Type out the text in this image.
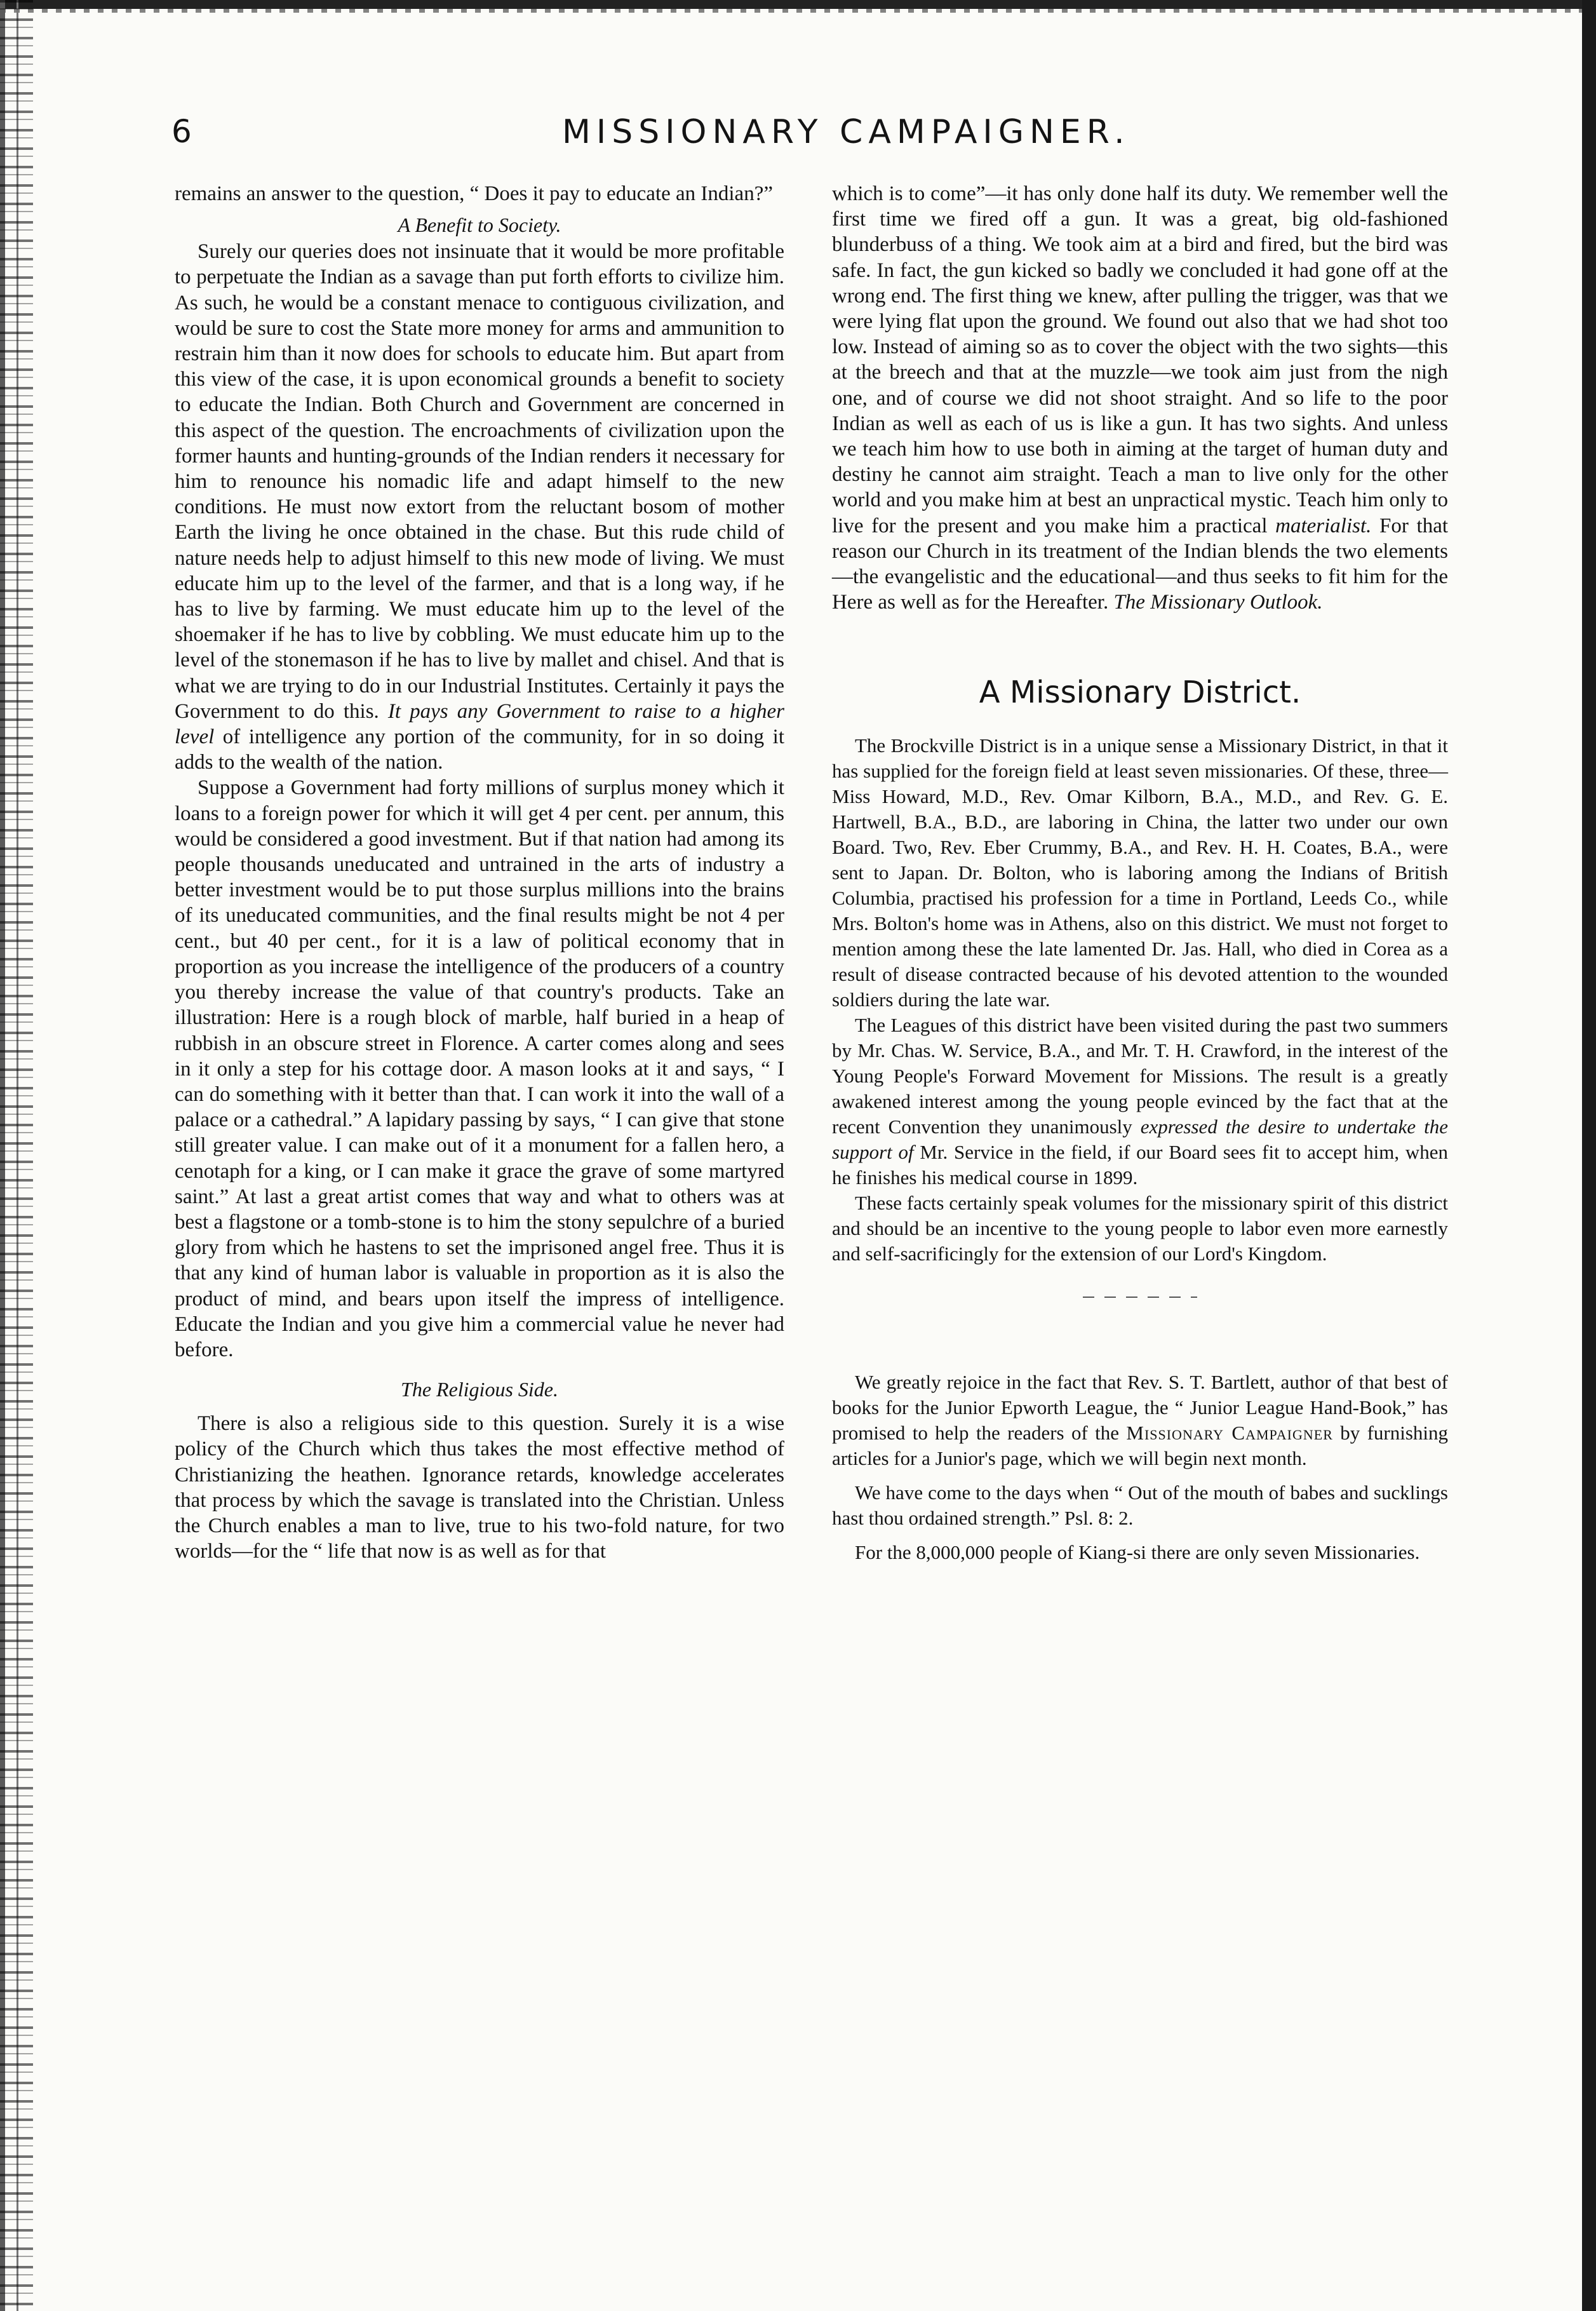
6	MISSIONARY CAMPAIGNER.

remains an answer to the question, “ Does it pay to educate an Indian?”

A Benefit to Society.

Surely our queries does not insinuate that it would be more profitable to perpetuate the Indian as a savage than put forth efforts to civilize him. As such, he would be a constant menace to contiguous civilization, and would be sure to cost the State more money for arms and ammunition to restrain him than it now does for schools to educate him. But apart from this view of the case, it is upon economical grounds a benefit to society to educate the Indian. Both Church and Government are concerned in this aspect of the question. The encroachments of civilization upon the former haunts and hunting-grounds of the Indian renders it necessary for him to renounce his nomadic life and adapt himself to the new conditions. He must now extort from the reluctant bosom of mother Earth the living he once obtained in the chase. But this rude child of nature needs help to adjust himself to this new mode of living. We must educate him up to the level of the farmer, and that is a long way, if he has to live by farming. We must educate him up to the level of the shoemaker if he has to live by cobbling. We must educate him up to the level of the stonemason if he has to live by mallet and chisel. And that is what we are trying to do in our Industrial Institutes. Certainly it pays the Government to do this. It pays any Government to raise to a higher level of intelligence any portion of the community, for in so doing it adds to the wealth of the nation.

Suppose a Government had forty millions of surplus money which it loans to a foreign power for which it will get 4 per cent. per annum, this would be considered a good investment. But if that nation had among its people thousands uneducated and untrained in the arts of industry a better investment would be to put those surplus millions into the brains of its uneducated communities, and the final results might be not 4 per cent., but 40 per cent., for it is a law of political economy that in proportion as you increase the intelligence of the producers of a country you thereby increase the value of that country's products. Take an illustration: Here is a rough block of marble, half buried in a heap of rubbish in an obscure street in Florence. A carter comes along and sees in it only a step for his cottage door. A mason looks at it and says, “ I can do something with it better than that. I can work it into the wall of a palace or a cathedral.” A lapidary passing by says, “ I can give that stone still greater value. I can make out of it a monument for a fallen hero, a cenotaph for a king, or I can make it grace the grave of some martyred saint.” At last a great artist comes that way and what to others was at best a flagstone or a tomb-stone is to him the stony sepulchre of a buried glory from which he hastens to set the imprisoned angel free. Thus it is that any kind of human labor is valuable in proportion as it is also the product of mind, and bears upon itself the impress of intelligence. Educate the Indian and you give him a commercial value he never had before.

The Religious Side.

There is also a religious side to this question. Surely it is a wise policy of the Church which thus takes the most effective method of Christianizing the heathen. Ignorance retards, knowledge accelerates that process by which the savage is translated into the Christian. Unless the Church enables a man to live, true to his two-fold nature, for two worlds—for the “ life that now is as well as for that

which is to come”—it has only done half its duty. We remember well the first time we fired off a gun. It was a great, big old-fashioned blunderbuss of a thing. We took aim at a bird and fired, but the bird was safe. In fact, the gun kicked so badly we concluded it had gone off at the wrong end. The first thing we knew, after pulling the trigger, was that we were lying flat upon the ground. We found out also that we had shot too low. Instead of aiming so as to cover the object with the two sights—this at the breech and that at the muzzle—we took aim just from the nigh one, and of course we did not shoot straight. And so life to the poor Indian as well as each of us is like a gun. It has two sights. And unless we teach him how to use both in aiming at the target of human duty and destiny he cannot aim straight. Teach a man to live only for the other world and you make him at best an unpractical mystic. Teach him only to live for the present and you make him a practical materialist. For that reason our Church in its treatment of the Indian blends the two elements—the evangelistic and the educational—and thus seeks to fit him for the Here as well as for the Hereafter. The Missionary Outlook.

A Missionary District.

The Brockville District is in a unique sense a Missionary District, in that it has supplied for the foreign field at least seven missionaries. Of these, three—Miss Howard, M.D., Rev. Omar Kilborn, B.A., M.D., and Rev. G. E. Hartwell, B.A., B.D., are laboring in China, the latter two under our own Board. Two, Rev. Eber Crummy, B.A., and Rev. H. H. Coates, B.A., were sent to Japan. Dr. Bolton, who is laboring among the Indians of British Columbia, practised his profession for a time in Portland, Leeds Co., while Mrs. Bolton's home was in Athens, also on this district. We must not forget to mention among these the late lamented Dr. Jas. Hall, who died in Corea as a result of disease contracted because of his devoted attention to the wounded soldiers during the late war.

The Leagues of this district have been visited during the past two summers by Mr. Chas. W. Service, B.A., and Mr. T. H. Crawford, in the interest of the Young People's Forward Movement for Missions. The result is a greatly awakened interest among the young people evinced by the fact that at the recent Convention they unanimously expressed the desire to undertake the support of Mr. Service in the field, if our Board sees fit to accept him, when he finishes his medical course in 1899.

These facts certainly speak volumes for the missionary spirit of this district and should be an incentive to the young people to labor even more earnestly and self-sacrificingly for the extension of our Lord's Kingdom.

We greatly rejoice in the fact that Rev. S. T. Bartlett, author of that best of books for the Junior Epworth League, the “ Junior League Hand-Book,” has promised to help the readers of the Missionary Campaigner by furnishing articles for a Junior's page, which we will begin next month.

We have come to the days when “ Out of the mouth of babes and sucklings hast thou ordained strength.” Psl. 8: 2.

For the 8,000,000 people of Kiang-si there are only seven Missionaries.
